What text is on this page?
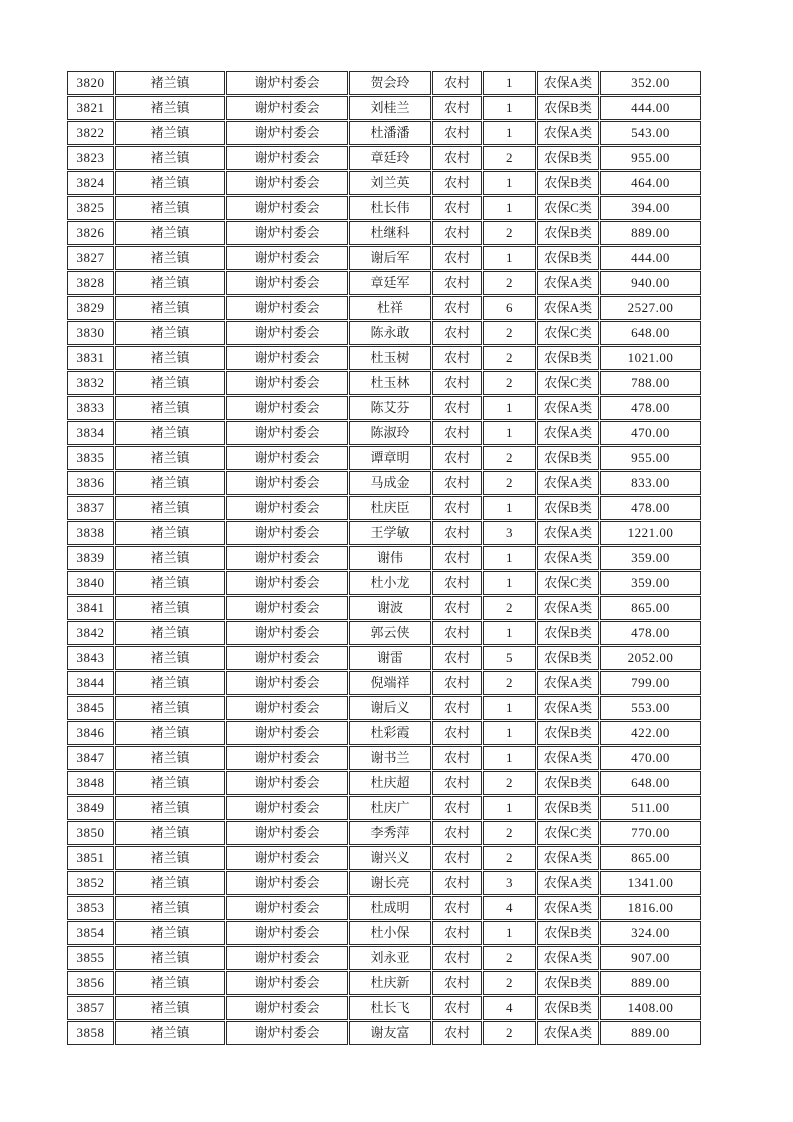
3820	褚兰镇	谢炉村委会	贺会玲	农村	1	农保A类	352.00
3821	褚兰镇	谢炉村委会	刘桂兰	农村	1	农保B类	444.00
3822	褚兰镇	谢炉村委会	杜潘潘	农村	1	农保A类	543.00
3823	褚兰镇	谢炉村委会	章廷玲	农村	2	农保B类	955.00
3824	褚兰镇	谢炉村委会	刘兰英	农村	1	农保B类	464.00
3825	褚兰镇	谢炉村委会	杜长伟	农村	1	农保C类	394.00
3826	褚兰镇	谢炉村委会	杜继科	农村	2	农保B类	889.00
3827	褚兰镇	谢炉村委会	谢后军	农村	1	农保B类	444.00
3828	褚兰镇	谢炉村委会	章廷军	农村	2	农保A类	940.00
3829	褚兰镇	谢炉村委会	杜祥	农村	6	农保A类	2527.00
3830	褚兰镇	谢炉村委会	陈永敢	农村	2	农保C类	648.00
3831	褚兰镇	谢炉村委会	杜玉树	农村	2	农保B类	1021.00
3832	褚兰镇	谢炉村委会	杜玉林	农村	2	农保C类	788.00
3833	褚兰镇	谢炉村委会	陈艾芬	农村	1	农保A类	478.00
3834	褚兰镇	谢炉村委会	陈淑玲	农村	1	农保A类	470.00
3835	褚兰镇	谢炉村委会	谭章明	农村	2	农保B类	955.00
3836	褚兰镇	谢炉村委会	马成金	农村	2	农保A类	833.00
3837	褚兰镇	谢炉村委会	杜庆臣	农村	1	农保B类	478.00
3838	褚兰镇	谢炉村委会	王学敏	农村	3	农保A类	1221.00
3839	褚兰镇	谢炉村委会	谢伟	农村	1	农保A类	359.00
3840	褚兰镇	谢炉村委会	杜小龙	农村	1	农保C类	359.00
3841	褚兰镇	谢炉村委会	谢波	农村	2	农保A类	865.00
3842	褚兰镇	谢炉村委会	郭云侠	农村	1	农保B类	478.00
3843	褚兰镇	谢炉村委会	谢雷	农村	5	农保B类	2052.00
3844	褚兰镇	谢炉村委会	倪端祥	农村	2	农保A类	799.00
3845	褚兰镇	谢炉村委会	谢后义	农村	1	农保A类	553.00
3846	褚兰镇	谢炉村委会	杜彩霞	农村	1	农保B类	422.00
3847	褚兰镇	谢炉村委会	谢书兰	农村	1	农保A类	470.00
3848	褚兰镇	谢炉村委会	杜庆超	农村	2	农保B类	648.00
3849	褚兰镇	谢炉村委会	杜庆广	农村	1	农保B类	511.00
3850	褚兰镇	谢炉村委会	李秀萍	农村	2	农保C类	770.00
3851	褚兰镇	谢炉村委会	谢兴义	农村	2	农保A类	865.00
3852	褚兰镇	谢炉村委会	谢长亮	农村	3	农保A类	1341.00
3853	褚兰镇	谢炉村委会	杜成明	农村	4	农保A类	1816.00
3854	褚兰镇	谢炉村委会	杜小保	农村	1	农保B类	324.00
3855	褚兰镇	谢炉村委会	刘永亚	农村	2	农保A类	907.00
3856	褚兰镇	谢炉村委会	杜庆新	农村	2	农保B类	889.00
3857	褚兰镇	谢炉村委会	杜长飞	农村	4	农保B类	1408.00
3858	褚兰镇	谢炉村委会	谢友富	农村	2	农保A类	889.00
